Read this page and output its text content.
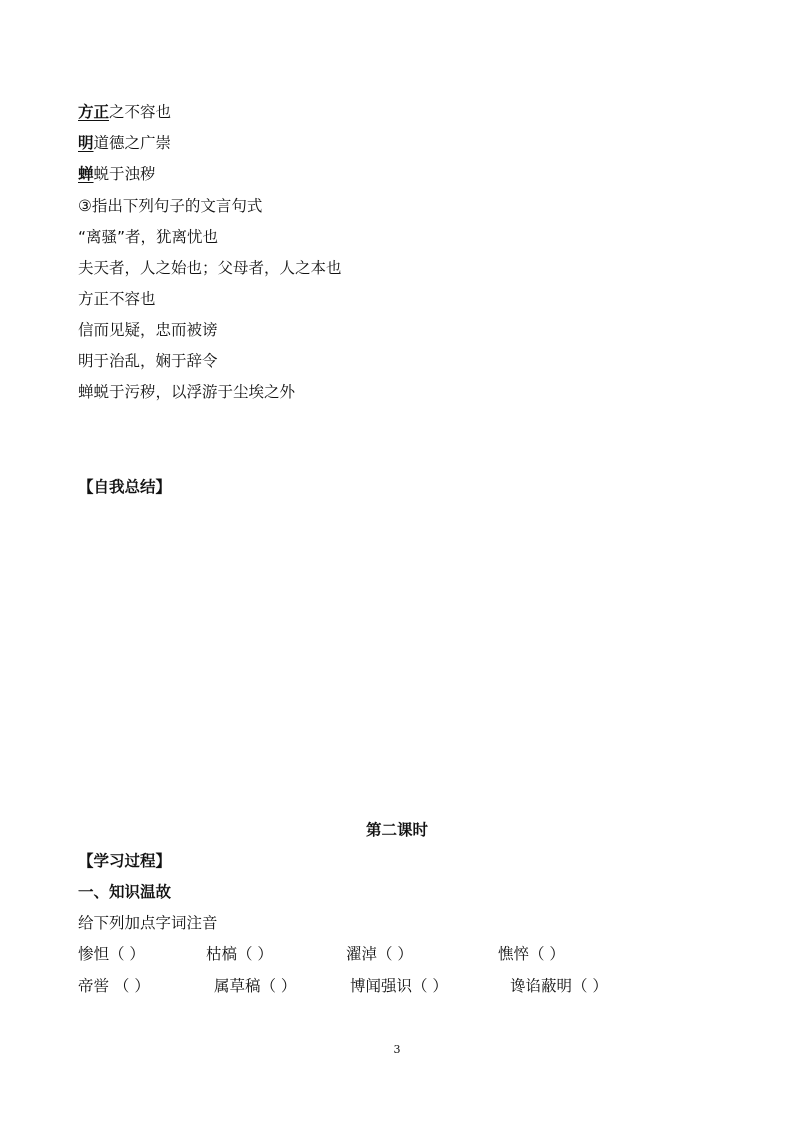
方正之不容也
明道德之广崇
蝉蜕于浊秽
③指出下列句子的文言句式
“离骚”者，犹离忧也
夫天者，人之始也；父母者，人之本也
方正不容也
信而见疑，忠而被谤
明于治乱，娴于辞令
蝉蜕于污秽，以浮游于尘埃之外
【自我总结】
第二课时
【学习过程】
一、知识温故
给下列加点字词注音
惨怛（ ）	枯槁（ ）	濯淖（ ）	憔悴（ ）
帝喾 （ ）	属草稿（ ）	博闻强识（ ）	谗谄蔽明（ ）
3
